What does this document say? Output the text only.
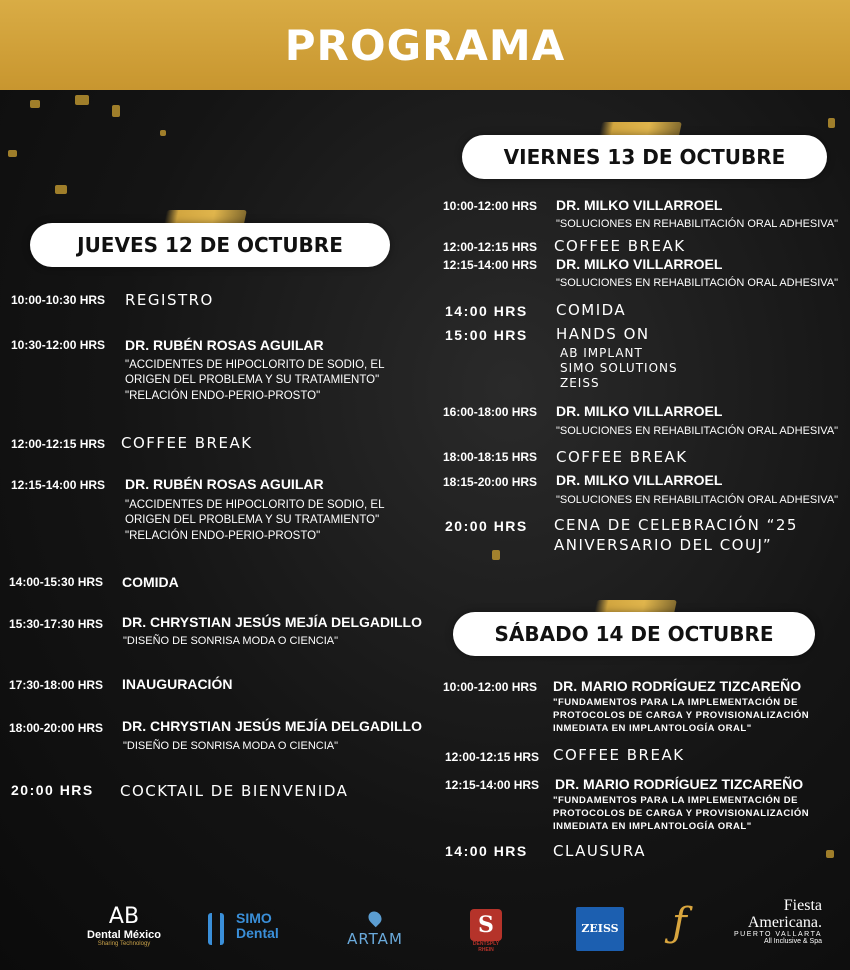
PROGRAMA
JUEVES 12 DE OCTUBRE
10:00-10:30 HRS REGISTRO
10:30-12:00 HRS DR. RUBÉN ROSAS AGUILAR
"ACCIDENTES DE HIPOCLORITO DE SODIO, EL ORIGEN DEL PROBLEMA Y SU TRATAMIENTO"
"RELACIÓN ENDO-PERIO-PROSTO"
12:00-12:15 HRS COFFEE BREAK
12:15-14:00 HRS DR. RUBÉN ROSAS AGUILAR
"ACCIDENTES DE HIPOCLORITO DE SODIO, EL ORIGEN DEL PROBLEMA Y SU TRATAMIENTO"
"RELACIÓN ENDO-PERIO-PROSTO"
14:00-15:30 HRS COMIDA
15:30-17:30 HRS DR. CHRYSTIAN JESÚS MEJÍA DELGADILLO
"DISEÑO DE SONRISA MODA O CIENCIA"
17:30-18:00 HRS INAUGURACIÓN
18:00-20:00 HRS DR. CHRYSTIAN JESÚS MEJÍA DELGADILLO
"DISEÑO DE SONRISA MODA O CIENCIA"
20:00 HRS COCKTAIL DE BIENVENIDA
VIERNES 13 DE OCTUBRE
10:00-12:00 HRS DR. MILKO VILLARROEL
"SOLUCIONES EN REHABILITACIÓN ORAL ADHESIVA"
12:00-12:15 HRS COFFEE BREAK
12:15-14:00 HRS DR. MILKO VILLARROEL
"SOLUCIONES EN REHABILITACIÓN ORAL ADHESIVA"
14:00 HRS COMIDA
15:00 HRS HANDS ON
AB IMPLANT
SIMO SOLUTIONS
ZEISS
16:00-18:00 HRS DR. MILKO VILLARROEL
"SOLUCIONES EN REHABILITACIÓN ORAL ADHESIVA"
18:00-18:15 HRS COFFEE BREAK
18:15-20:00 HRS DR. MILKO VILLARROEL
"SOLUCIONES EN REHABILITACIÓN ORAL ADHESIVA"
20:00 HRS CENA DE CELEBRACIÓN “25
ANIVERSARIO DEL COUJ”
SÁBADO 14 DE OCTUBRE
10:00-12:00 HRS DR. MARIO RODRÍGUEZ TIZCAREÑO
"FUNDAMENTOS PARA LA IMPLEMENTACIÓN DE PROTOCOLOS DE CARGA Y PROVISIONALIZACIÓN INMEDIATA EN IMPLANTOLOGÍA ORAL"
12:00-12:15 HRS COFFEE BREAK
12:15-14:00 HRS DR. MARIO RODRÍGUEZ TIZCAREÑO
"FUNDAMENTOS PARA LA IMPLEMENTACIÓN DE PROTOCOLOS DE CARGA Y PROVISIONALIZACIÓN INMEDIATA EN IMPLANTOLOGÍA ORAL"
14:00 HRS CLAUSURA
AB
Dental México
Sharing Technology
SIMO
Dental	ARTAM
S
DENTSPLY RHEIN
ZEISS ƒ	Fiesta
Americana.
PUERTO VALLARTA
All Inclusive & Spa
